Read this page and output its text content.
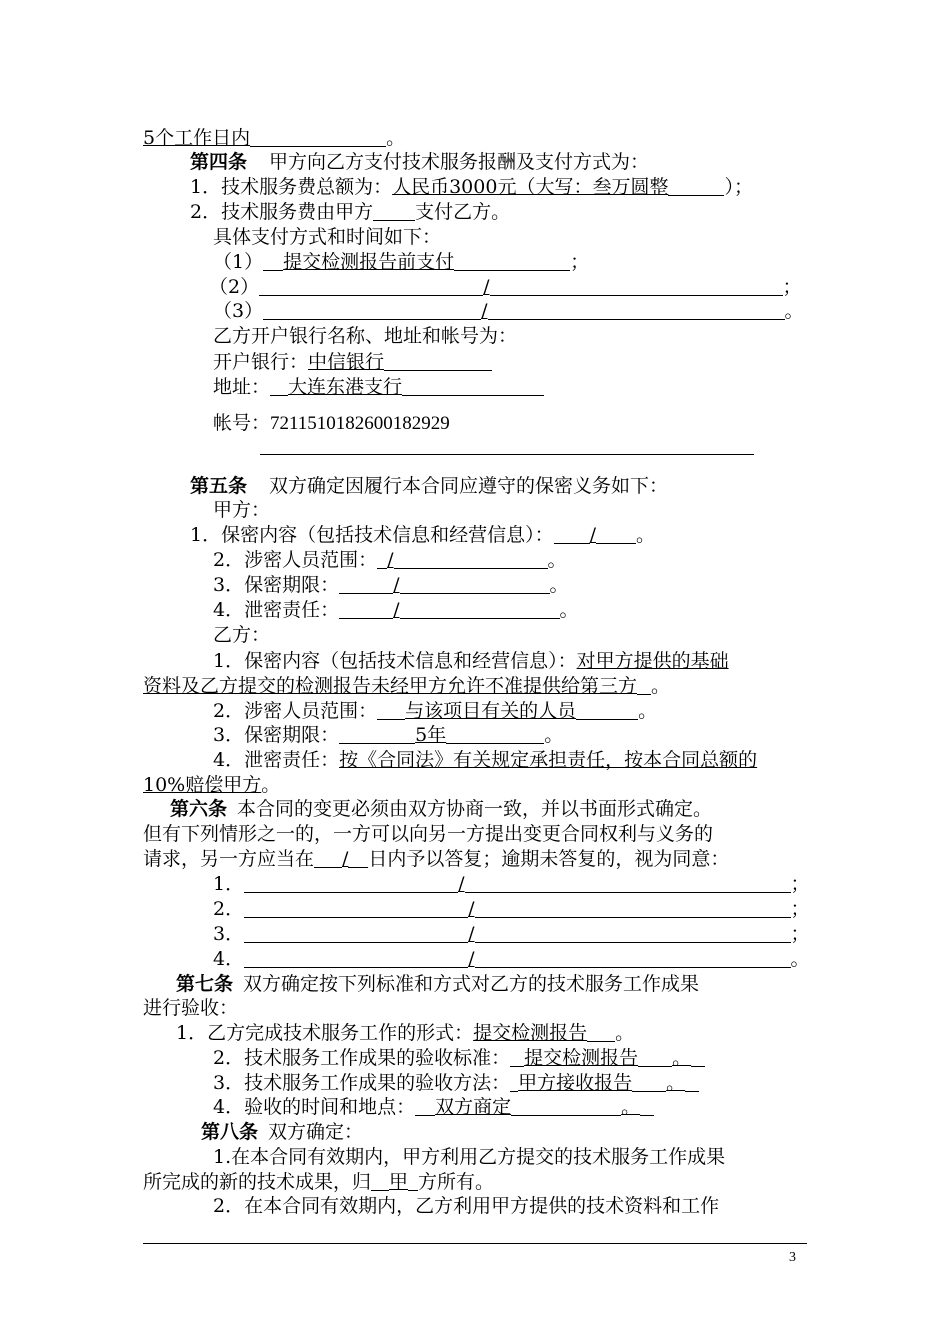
5个工作日内	。
第四条 甲方向乙方支付技术服务报酬及支付方式为：
1．技术服务费总额为：人民币3000元（大写：叁万圆整	）；
2．技术服务费由甲方 支付乙方。
具体支付方式和时间如下：
（1） 提交检测报告前支付	；
（2）	/	；
（3）	/	。
乙方开户银行名称、地址和帐号为：
开户银行：中信银行
地址： 大连东港支行
帐号：7211510182600182929
第五条 双方确定因履行本合同应遵守的保密义务如下：
甲方：
1．保密内容（包括技术信息和经营信息）： / 。
2．涉密人员范围： /	。
3．保密期限：	/	。
4．泄密责任：	/	。
乙方：
1．保密内容（包括技术信息和经营信息）：对甲方提供的基础
资料及乙方提交的检测报告未经甲方允许不准提供给第三方 。
2．涉密人员范围： 与该项目有关的人员	。
3．保密期限：	5年	。
4．泄密责任：按《合同法》有关规定承担责任，按本合同总额的
10%赔偿甲方。
第六条 本合同的变更必须由双方协商一致，并以书面形式确定。
但有下列情形之一的，一方可以向另一方提出变更合同权利与义务的
请求，另一方应当在 / 日内予以答复；逾期未答复的，视为同意：
1．	/	；
2．	/	；
3．	/	；
4．	/	。
第七条 双方确定按下列标准和方式对乙方的技术服务工作成果
进行验收：
1．乙方完成技术服务工作的形式：提交检测报告 。
2．技术服务工作成果的验收标准： 提交检测报告 。
3．技术服务工作成果的验收方法： 甲方接收报告 。
4．验收的时间和地点： 双方商定	。
第八条 双方确定：
1.在本合同有效期内，甲方利用乙方提交的技术服务工作成果
所完成的新的技术成果，归 甲 方所有。
2．在本合同有效期内，乙方利用甲方提供的技术资料和工作
3
